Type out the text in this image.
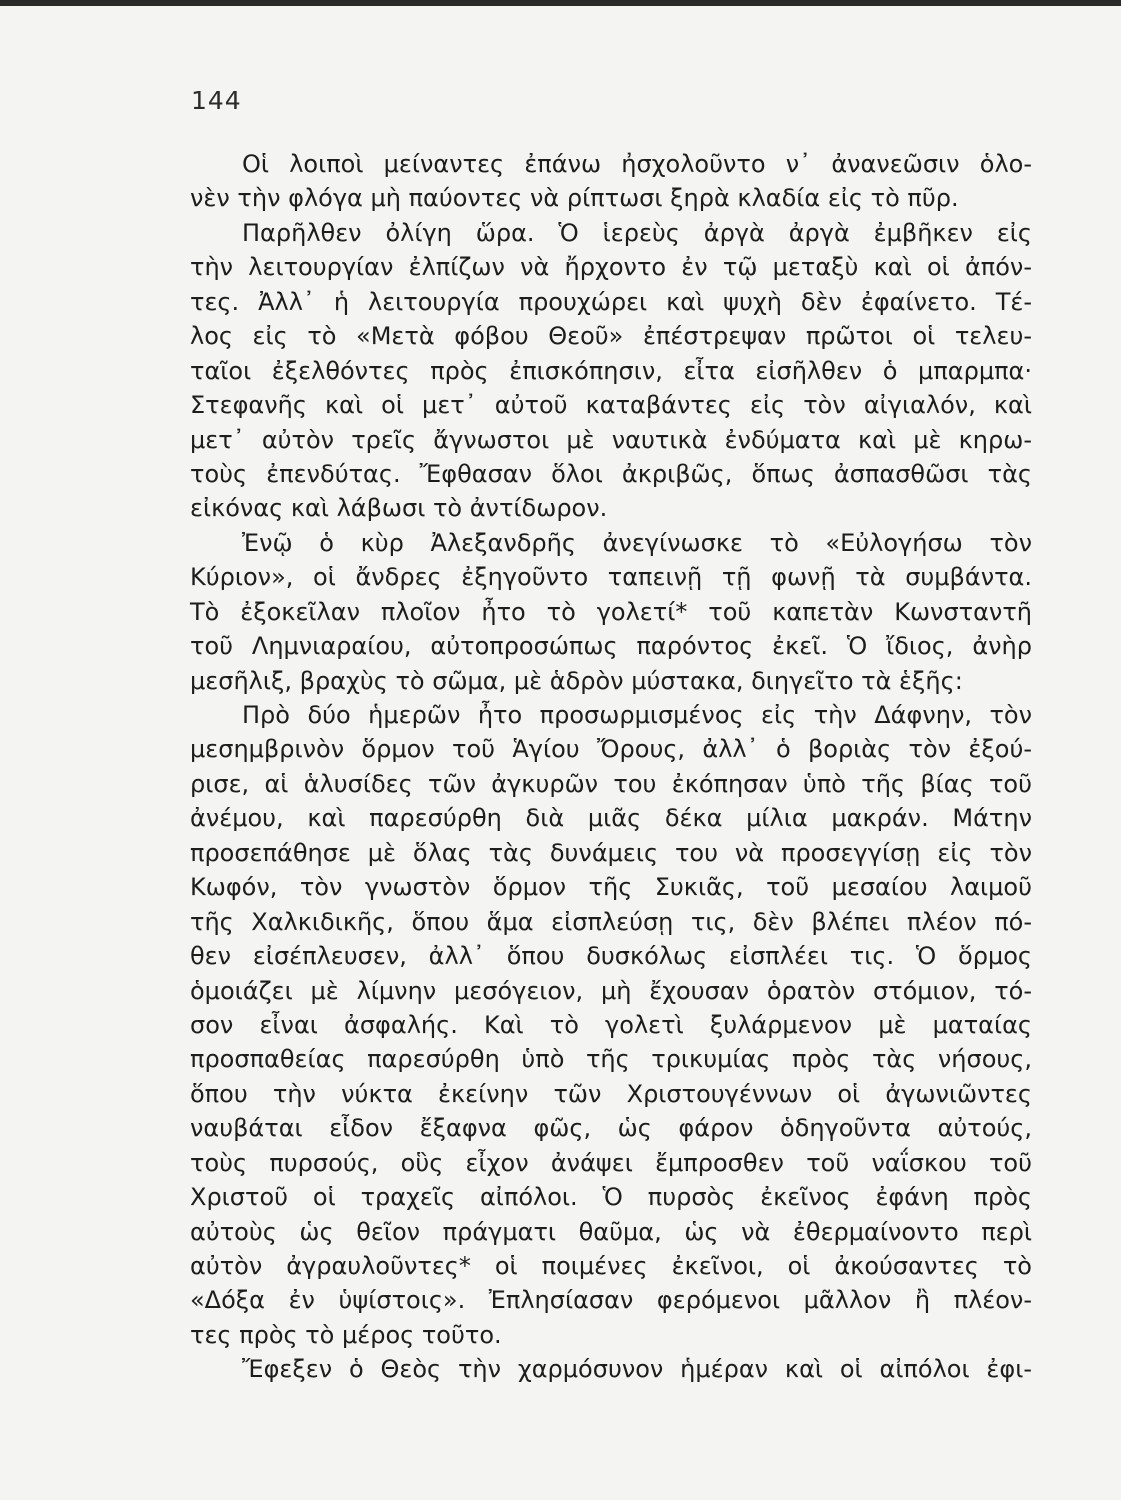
144
Οἱ λοιποὶ μείναντες ἐπάνω ἠσχολοῦντο ν᾽ ἀνανεῶσιν ὁλο-
νὲν τὴν φλόγα μὴ παύοντες νὰ ρίπτωσι ξηρὰ κλαδία εἰς τὸ πῦρ.
Παρῆλθεν ὀλίγη ὥρα. Ὁ ἱερεὺς ἀργὰ ἀργὰ ἐμβῆκεν εἰς
τὴν λειτουργίαν ἐλπίζων νὰ ἤρχοντο ἐν τῷ μεταξὺ καὶ οἱ ἀπόν-
τες. Ἀλλ᾽ ἡ λειτουργία προυχώρει καὶ ψυχὴ δὲν ἐφαίνετο. Τέ-
λος εἰς τὸ «Μετὰ φόβου Θεοῦ» ἐπέστρεψαν πρῶτοι οἱ τελευ-
ταῖοι ἐξελθόντες πρὸς ἐπισκόπησιν, εἶτα εἰσῆλθεν ὁ μπαρμπα·
Στεφανῆς καὶ οἱ μετ᾽ αὐτοῦ καταβάντες εἰς τὸν αἰγιαλόν, καὶ
μετ᾽ αὐτὸν τρεῖς ἄγνωστοι μὲ ναυτικὰ ἐνδύματα καὶ μὲ κηρω-
τοὺς ἐπενδύτας. Ἔφθασαν ὅλοι ἀκριβῶς, ὅπως ἀσπασθῶσι τὰς
εἰκόνας καὶ λάβωσι τὸ ἀντίδωρον.
Ἐνῷ ὁ κὺρ Ἀλεξανδρῆς ἀνεγίνωσκε τὸ «Εὐλογήσω τὸν
Κύριον», οἱ ἄνδρες ἐξηγοῦντο ταπεινῇ τῇ φωνῇ τὰ συμβάντα.
Τὸ ἐξοκεῖλαν πλοῖον ἦτο τὸ γολετί* τοῦ καπετὰν Κωνσταντῆ
τοῦ Λημνιαραίου, αὐτοπροσώπως παρόντος ἐκεῖ. Ὁ ἴδιος, ἀνὴρ
μεσῆλιξ, βραχὺς τὸ σῶμα, μὲ ἁδρὸν μύστακα, διηγεῖτο τὰ ἑξῆς:
Πρὸ δύο ἡμερῶν ἦτο προσωρμισμένος εἰς τὴν Δάφνην, τὸν
μεσημβρινὸν ὅρμον τοῦ Ἁγίου Ὄρους, ἀλλ᾽ ὁ βοριὰς τὸν ἐξού-
ρισε, αἱ ἁλυσίδες τῶν ἀγκυρῶν του ἐκόπησαν ὑπὸ τῆς βίας τοῦ
ἀνέμου, καὶ παρεσύρθη διὰ μιᾶς δέκα μίλια μακράν. Μάτην
προσεπάθησε μὲ ὅλας τὰς δυνάμεις του νὰ προσεγγίσῃ εἰς τὸν
Κωφόν, τὸν γνωστὸν ὅρμον τῆς Συκιᾶς, τοῦ μεσαίου λαιμοῦ
τῆς Χαλκιδικῆς, ὅπου ἅμα εἰσπλεύσῃ τις, δὲν βλέπει πλέον πό-
θεν εἰσέπλευσεν, ἀλλ᾽ ὅπου δυσκόλως εἰσπλέει τις. Ὁ ὅρμος
ὁμοιάζει μὲ λίμνην μεσόγειον, μὴ ἔχουσαν ὁρατὸν στόμιον, τό-
σον εἶναι ἀσφαλής. Καὶ τὸ γολετὶ ξυλάρμενον μὲ ματαίας
προσπαθείας παρεσύρθη ὑπὸ τῆς τρικυμίας πρὸς τὰς νήσους,
ὅπου τὴν νύκτα ἐκείνην τῶν Χριστουγέννων οἱ ἀγωνιῶντες
ναυβάται εἶδον ἔξαφνα φῶς, ὡς φάρον ὁδηγοῦντα αὐτούς,
τοὺς πυρσούς, οὓς εἶχον ἀνάψει ἔμπροσθεν τοῦ ναΐσκου τοῦ
Χριστοῦ οἱ τραχεῖς αἰπόλοι. Ὁ πυρσὸς ἐκεῖνος ἐφάνη πρὸς
αὐτοὺς ὡς θεῖον πράγματι θαῦμα, ὡς νὰ ἐθερμαίνοντο περὶ
αὐτὸν ἀγραυλοῦντες* οἱ ποιμένες ἐκεῖνοι, οἱ ἀκούσαντες τὸ
«Δόξα ἐν ὑψίστοις». Ἐπλησίασαν φερόμενοι μᾶλλον ἢ πλέον-
τες πρὸς τὸ μέρος τοῦτο.
Ἔφεξεν ὁ Θεὸς τὴν χαρμόσυνον ἡμέραν καὶ οἱ αἰπόλοι ἐφι-
